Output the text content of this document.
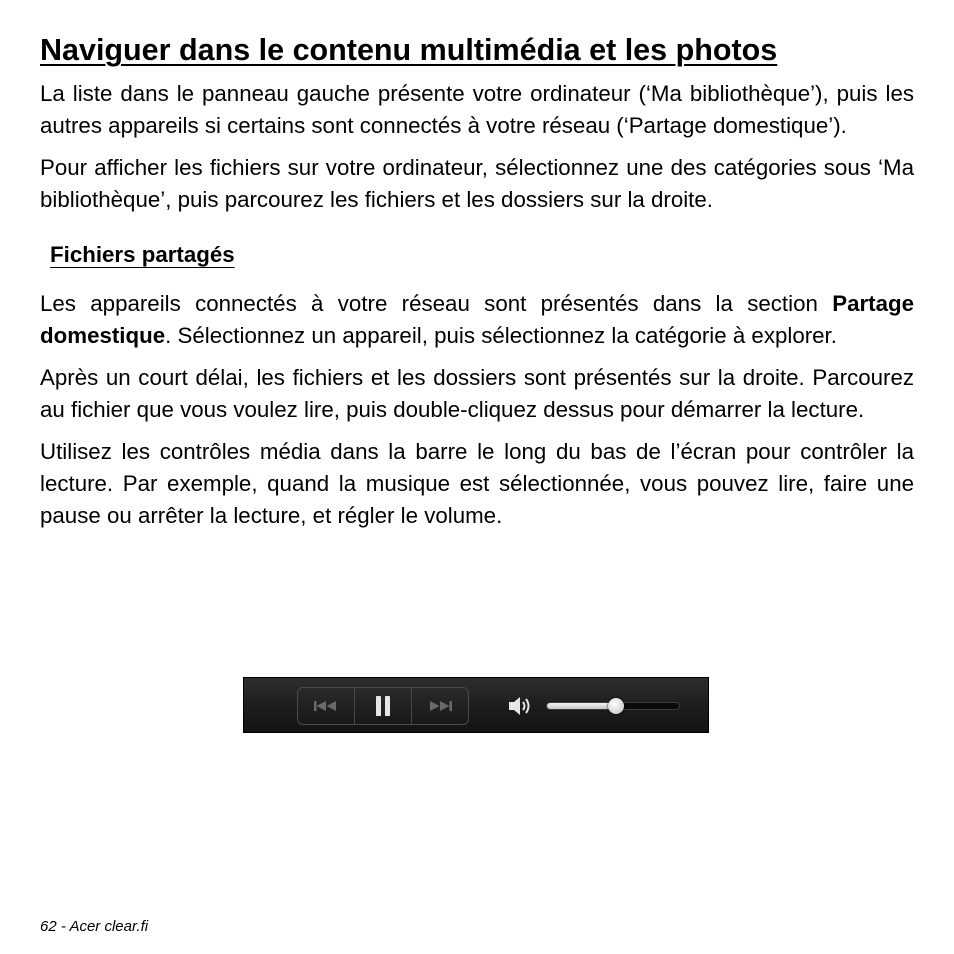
Naviguer dans le contenu multimédia et les photos

La liste dans le panneau gauche présente votre ordinateur (‘Ma bibliothèque’), puis les autres appareils si certains sont connectés à votre réseau (‘Partage domestique’).

Pour afficher les fichiers sur votre ordinateur, sélectionnez une des catégories sous ‘Ma bibliothèque’, puis parcourez les fichiers et les dossiers sur la droite.

Fichiers partagés

Les appareils connectés à votre réseau sont présentés dans la section Partage domestique. Sélectionnez un appareil, puis sélectionnez la catégorie à explorer.

Après un court délai, les fichiers et les dossiers sont présentés sur la droite. Parcourez au fichier que vous voulez lire, puis double-cliquez dessus pour démarrer la lecture.

Utilisez les contrôles média dans la barre le long du bas de l’écran pour contrôler la lecture. Par exemple, quand la musique est sélectionnée, vous pouvez lire, faire une pause ou arrêter la lecture, et régler le volume.

62 - Acer clear.fi
